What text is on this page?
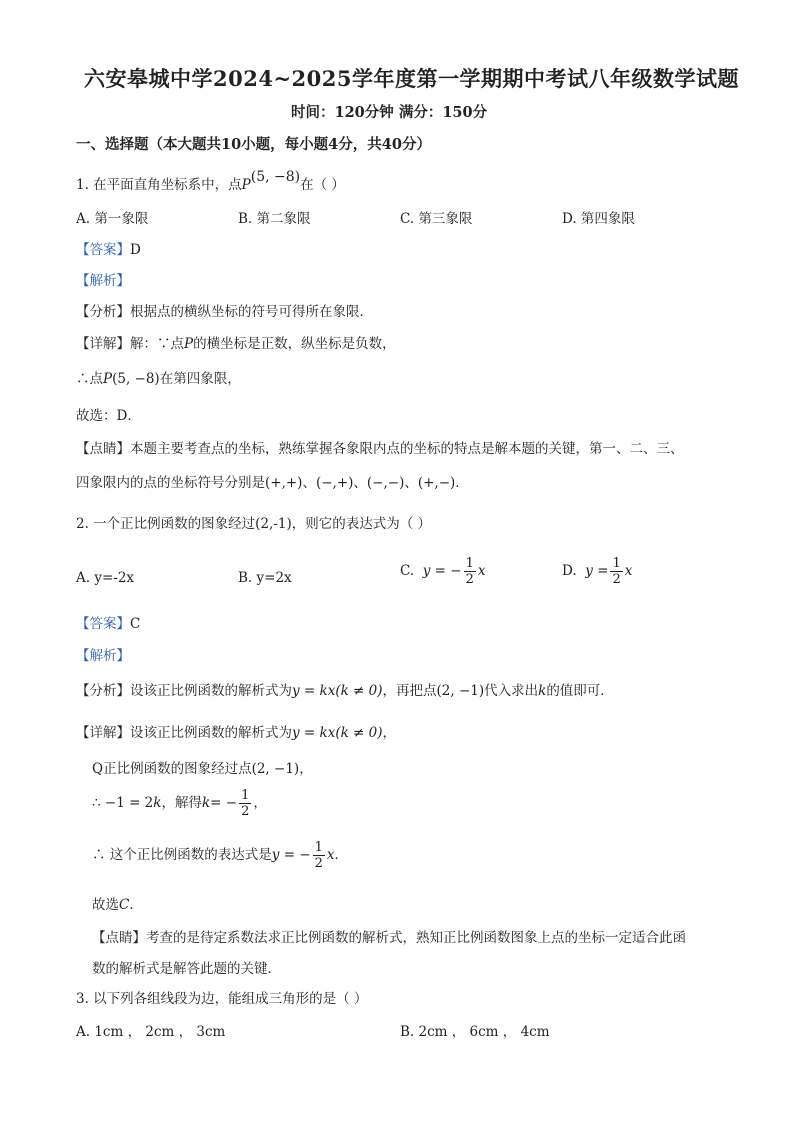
六安皋城中学2024~2025学年度第一学期期中考试八年级数学试题
时间：120分钟 满分：150分
一、选择题（本大题共10小题，每小题4分，共40分）
1. 在平面直角坐标系中，点P(5, −8)在（ ）
A. 第一象限	B. 第二象限	C. 第三象限	D. 第四象限
【答案】D
【解析】
【分析】根据点的横纵坐标的符号可得所在象限．
【详解】解：∵点P的横坐标是正数，纵坐标是负数，
∴点P(5, −8)在第四象限，
故选：D．
【点睛】本题主要考查点的坐标，熟练掌握各象限内点的坐标的特点是解本题的关键，第一、二、三、
四象限内的点的坐标符号分别是(+,+)、(−,+)、(−,−)、(+,−)．
2. 一个正比例函数的图象经过(2,-1)，则它的表达式为（ ）
A. y=-2x	B. y=2x	C. y = − $\frac{1}{2}$ x	D. $y = \frac{1}{2}$ x
【答案】C
【解析】
【分析】设该正比例函数的解析式为y = kx(k ≠ 0)，再把点(2, −1)代入求出k的值即可．
【详解】设该正比例函数的解析式为y = kx(k ≠ 0)，
Q正比例函数的图象经过点(2, −1)，
∴ −1 = 2k，解得$k= - \frac{1}{2}$ ，
∴ 这个正比例函数的表达式是y = − $\frac{1}{2}$ x．
故选C．
【点睛】考查的是待定系数法求正比例函数的解析式，熟知正比例函数图象上点的坐标一定适合此函
数的解析式是解答此题的关键．
3. 以下列各组线段为边，能组成三角形的是（ ）
A. 1cm ， 2cm ， 3cm	B. 2cm ， 6cm ， 4cm
